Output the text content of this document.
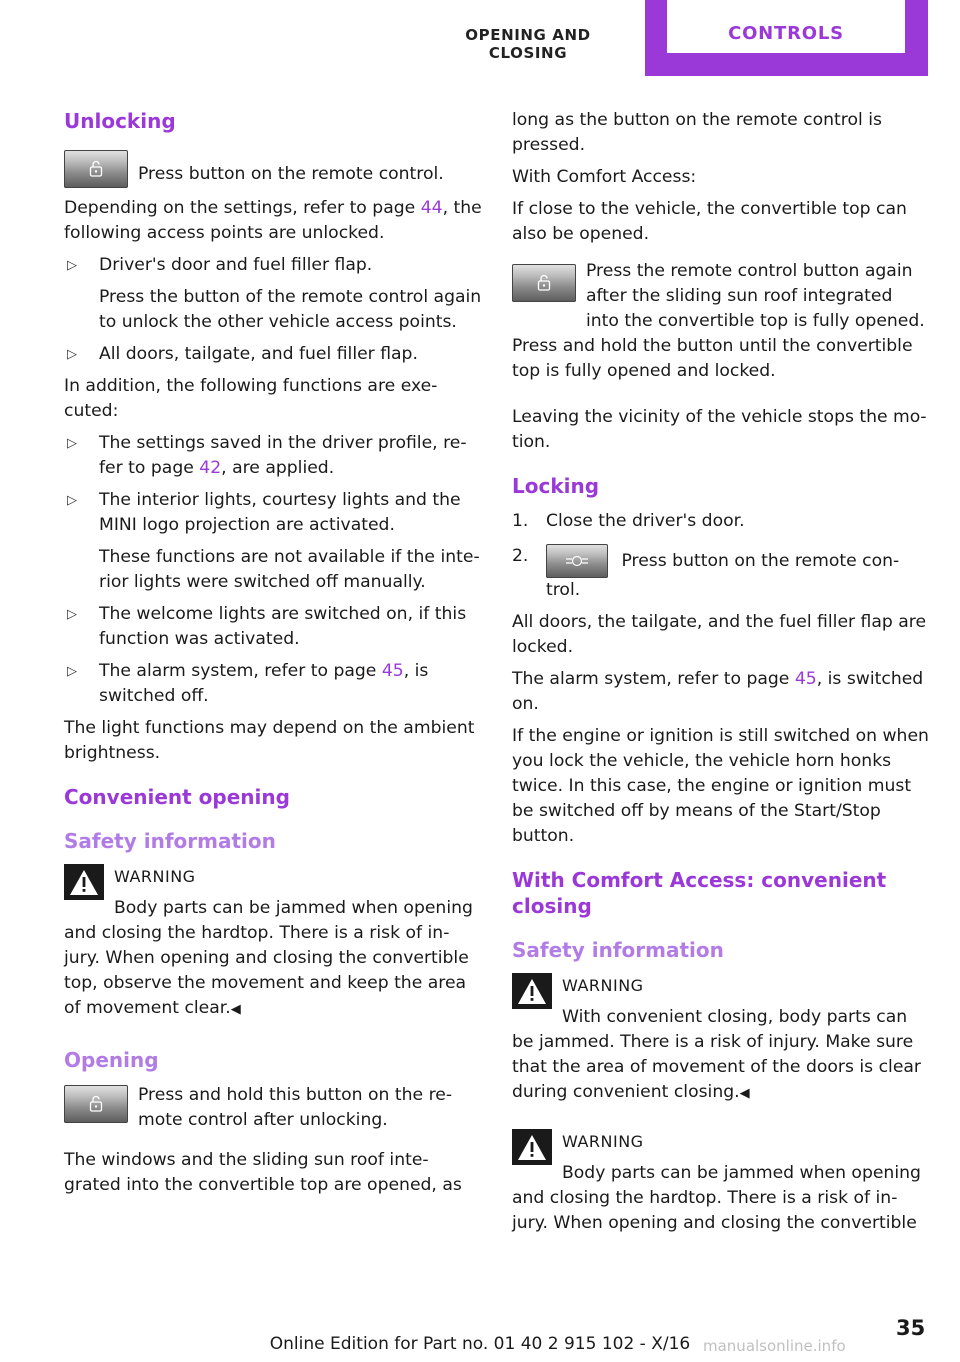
OPENING AND CLOSING
CONTROLS
Unlocking

Press button on the remote control.

Depending on the settings, refer to page 44, the following access points are unlocked.

▷ Driver's door and fuel filler flap.

Press the button of the remote control again to unlock the other vehicle access points.

▷ All doors, tailgate, and fuel filler flap.

In addition, the following functions are exe‐cuted:

▷ The settings saved in the driver profile, re‐fer to page 42, are applied.

▷ The interior lights, courtesy lights and the MINI logo projection are activated.

These functions are not available if the inte‐rior lights were switched off manually.

▷ The welcome lights are switched on, if this function was activated.

▷ The alarm system, refer to page 45, is switched off.

The light functions may depend on the ambient brightness.

Convenient opening
Safety information

WARNING

Body parts can be jammed when opening and closing the hardtop. There is a risk of in‐jury. When opening and closing the convertible top, observe the movement and keep the area of movement clear.◀

Opening

Press and hold this button on the re‐mote control after unlocking.

The windows and the sliding sun roof inte‐grated into the convertible top are opened, as

long as the button on the remote control is pressed.

With Comfort Access:

If close to the vehicle, the convertible top can also be opened.

Press the remote control button again after the sliding sun roof integrated into the convertible top is fully opened. Press and hold the button until the convertible top is fully opened and locked.

Leaving the vicinity of the vehicle stops the mo‐tion.

Locking

1. Close the driver's door.

2.	Press button on the remote con‐trol.

All doors, the tailgate, and the fuel filler flap are locked.

The alarm system, refer to page 45, is switched on.

If the engine or ignition is still switched on when you lock the vehicle, the vehicle horn honks twice. In this case, the engine or ignition must be switched off by means of the Start/Stop button.

With Comfort Access: convenient closing
Safety information

WARNING

With convenient closing, body parts can be jammed. There is a risk of injury. Make sure that the area of movement of the doors is clear during convenient closing.◀

WARNING

Body parts can be jammed when opening and closing the hardtop. There is a risk of in‐jury. When opening and closing the convertible

35
Online Edition for Part no. 01 40 2 915 102 - X/16 manualsonline.info
